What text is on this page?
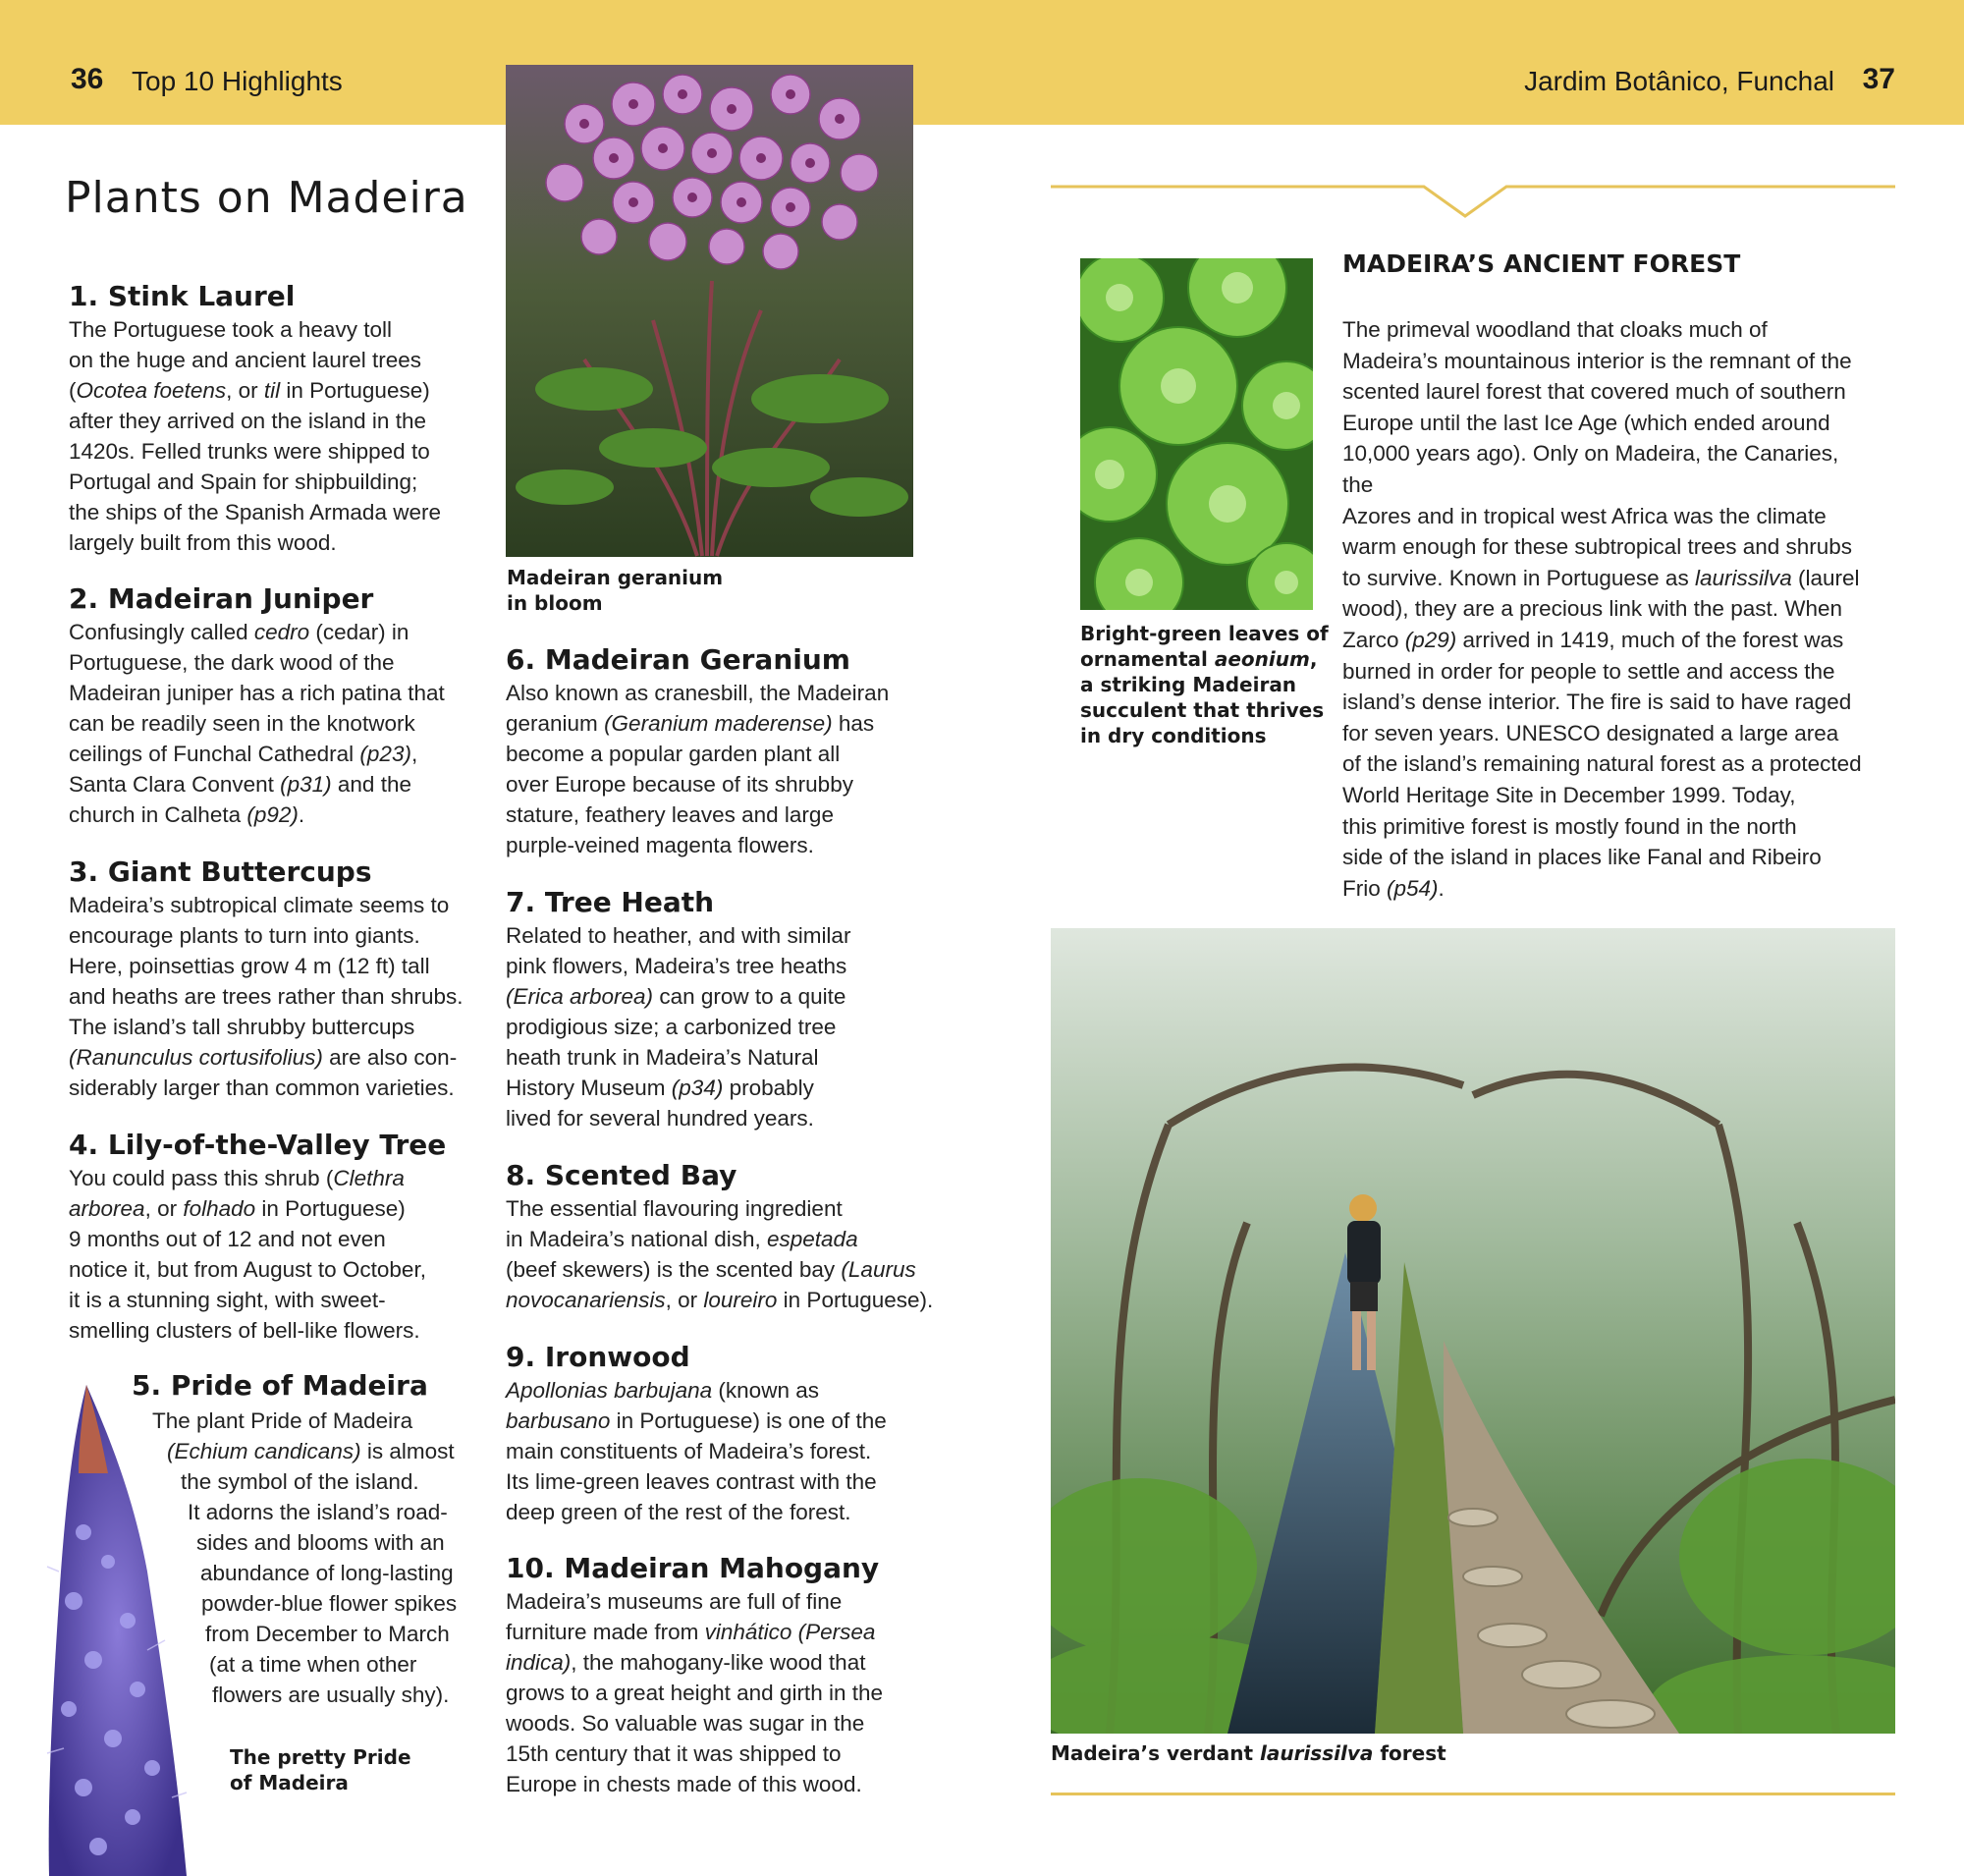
36 Top 10 Highlights	Jardim Botânico, Funchal 37
Plants on Madeira
1. Stink Laurel

The Portuguese took a heavy toll
on the huge and ancient laurel trees
(Ocotea foetens, or til in Portuguese)
after they arrived on the island in the
1420s. Felled trunks were shipped to
Portugal and Spain for shipbuilding;
the ships of the Spanish Armada were
largely built from this wood.

2. Madeiran Juniper

Confusingly called cedro (cedar) in
Portuguese, the dark wood of the
Madeiran juniper has a rich patina that
can be readily seen in the knotwork
ceilings of Funchal Cathedral (p23),
Santa Clara Convent (p31) and the
church in Calheta (p92).

3. Giant Buttercups

Madeira’s subtropical climate seems to
encourage plants to turn into giants.
Here, poinsettias grow 4 m (12 ft) tall
and heaths are trees rather than shrubs.
The island’s tall shrubby buttercups
(Ranunculus cortusifolius) are also con-
siderably larger than common varieties.

4. Lily-of-the-Valley Tree

You could pass this shrub (Clethra
arborea, or folhado in Portuguese)
9 months out of 12 and not even
notice it, but from August to October,
it is a stunning sight, with sweet-
smelling clusters of bell-like flowers.

5. Pride of Madeira

The plant Pride of Madeira
(Echium candicans) is almost
the symbol of the island.
It adorns the island’s road-
sides and blooms with an
abundance of long-lasting
powder-blue flower spikes
from December to March
(at a time when other
flowers are usually shy).

The pretty Pride
of Madeira
Madeiran geranium
in bloom
6. Madeiran Geranium

Also known as cranesbill, the Madeiran
geranium (Geranium maderense) has
become a popular garden plant all
over Europe because of its shrubby
stature, feathery leaves and large
purple-veined magenta flowers.

7. Tree Heath

Related to heather, and with similar
pink flowers, Madeira’s tree heaths
(Erica arborea) can grow to a quite
prodigious size; a carbonized tree
heath trunk in Madeira’s Natural
History Museum (p34) probably
lived for several hundred years.

8. Scented Bay

The essential flavouring ingredient
in Madeira’s national dish, espetada
(beef skewers) is the scented bay (Laurus
novocanariensis, or loureiro in Portuguese).

9. Ironwood

Apollonias barbujana (known as
barbusano in Portuguese) is one of the
main constituents of Madeira’s forest.
Its lime-green leaves contrast with the
deep green of the rest of the forest.

10. Madeiran Mahogany

Madeira’s museums are full of fine
furniture made from vinhático (Persea
indica), the mahogany-like wood that
grows to a great height and girth in the
woods. So valuable was sugar in the
15th century that it was shipped to
Europe in chests made of this wood.

Bright-green leaves of
ornamental aeonium,
a striking Madeiran
succulent that thrives
in dry conditions
MADEIRA’S ANCIENT FOREST

The primeval woodland that cloaks much of
Madeira’s mountainous interior is the remnant of the
scented laurel forest that covered much of southern
Europe until the last Ice Age (which ended around
10,000 years ago). Only on Madeira, the Canaries, the
Azores and in tropical west Africa was the climate
warm enough for these subtropical trees and shrubs
to survive. Known in Portuguese as laurissilva (laurel
wood), they are a precious link with the past. When
Zarco (p29) arrived in 1419, much of the forest was
burned in order for people to settle and access the
island’s dense interior. The fire is said to have raged
for seven years. UNESCO designated a large area
of the island’s remaining natural forest as a protected
World Heritage Site in December 1999. Today,
this primitive forest is mostly found in the north
side of the island in places like Fanal and Ribeiro
Frio (p54).

Madeira’s verdant laurissilva forest
